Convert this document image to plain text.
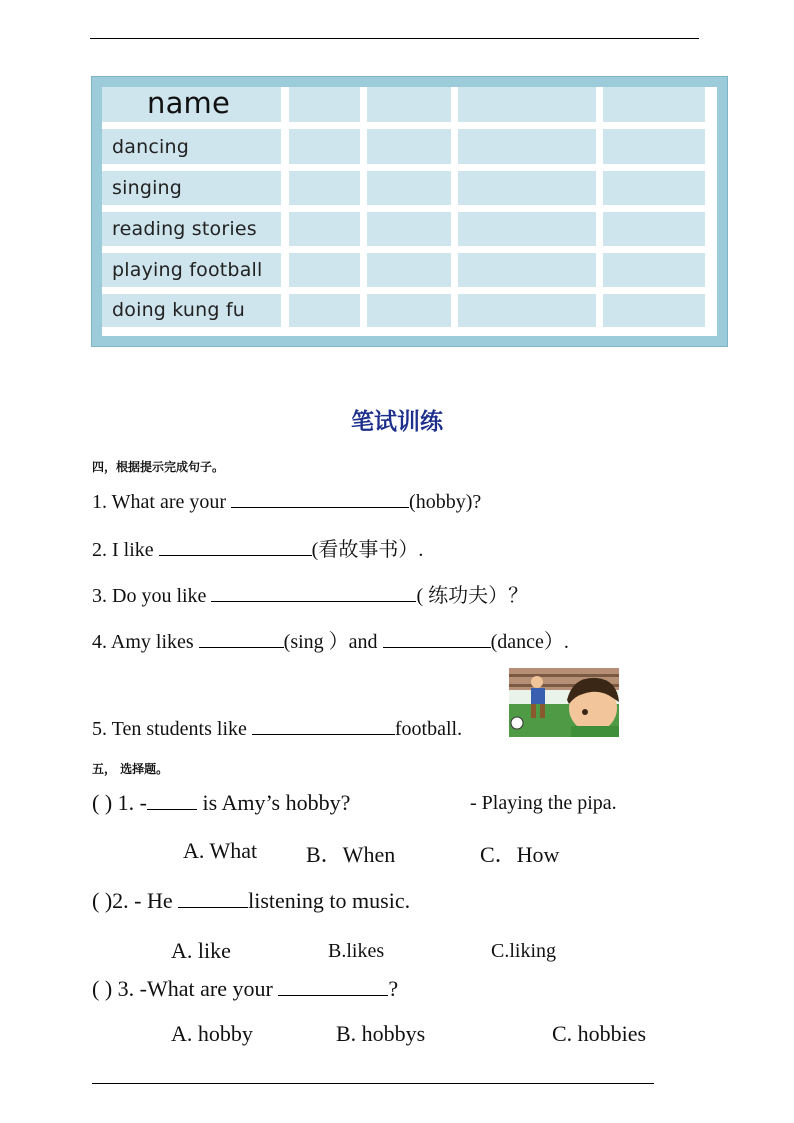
name
dancing
singing
reading stories
playing football
doing kung fu
笔试训练
四，根据提示完成句子。
1. What are your	(hobby)?
2. I like	(看故事书）.
3. Do you like	( 练功夫）？
4. Amy likes	(sing ）and	(dance）.
5. Ten students like	football.
五， 选择题。
( ) 1. - is Amy’s hobby?	- Playing the pipa.
A. What B．When	C．How
( )2. - He	listening to music.
A. like	B.likes	C.liking
( ) 3. -What are your	?
A. hobby	B. hobbys	C. hobbies
